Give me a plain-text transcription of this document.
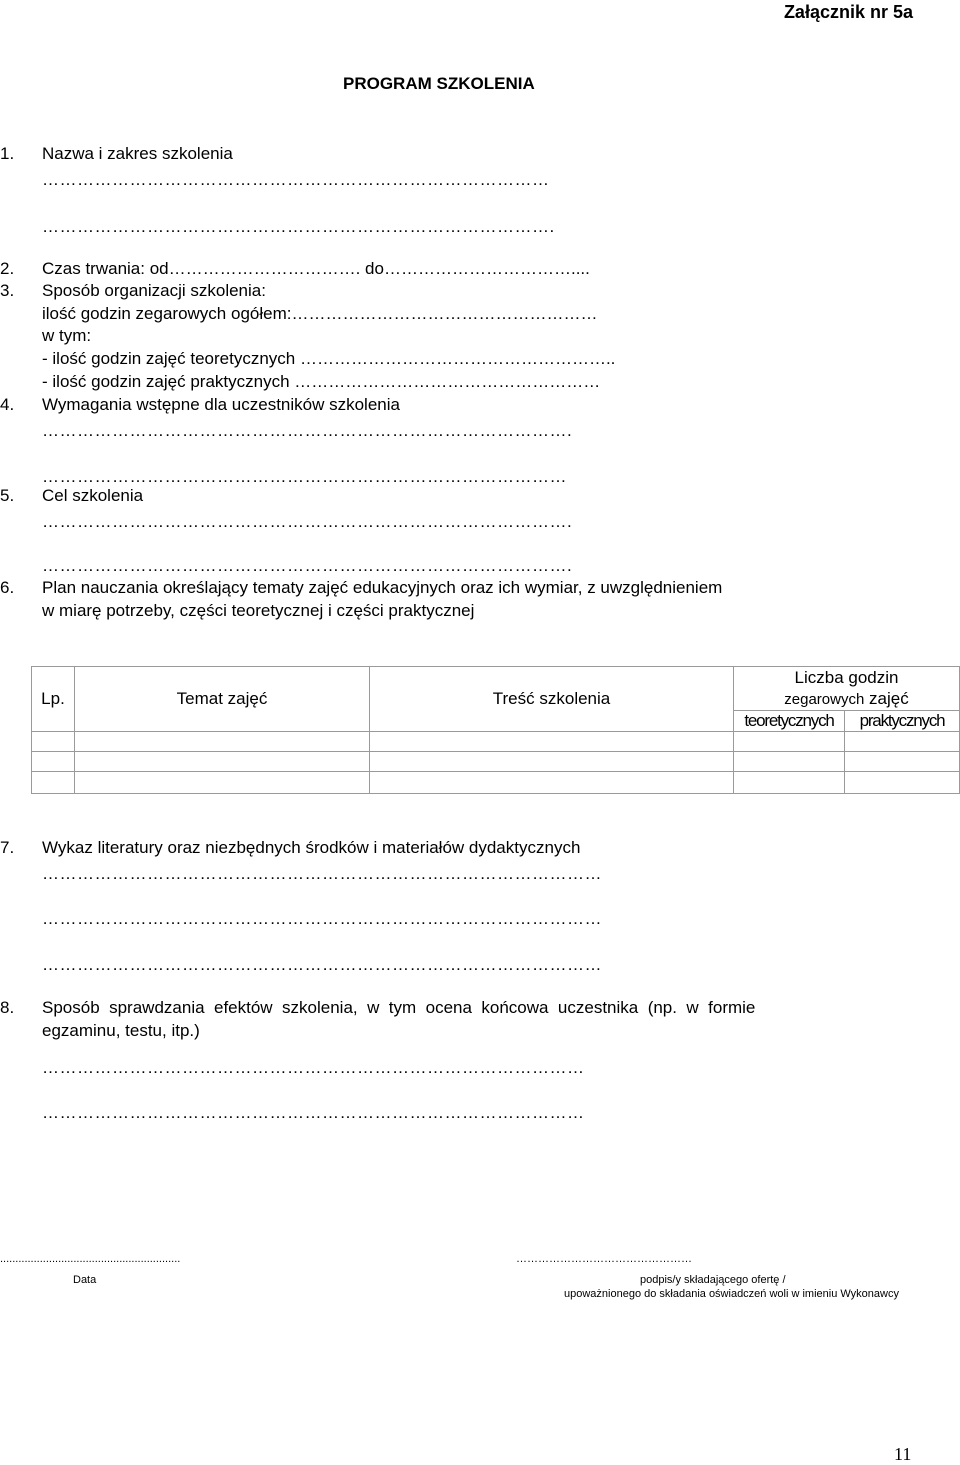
Załącznik nr 5a
PROGRAM SZKOLENIA
1. Nazwa i zakres szkolenia
……………………………………………………………………………
…………………………………………………………………………….
2. Czas trwania: od……………………………. do……………………………....
3. Sposób organizacji szkolenia:
ilość godzin zegarowych ogółem:………………………………………………
w tym:
- ilość godzin zajęć teoretycznych ………………………………………………..
- ilość godzin zajęć praktycznych ………………………………………………
4. Wymagania wstępne dla uczestników szkolenia
……………………………………………………………………………….
………………………………………………………………………………
5. Cel szkolenia
……………………………………………………………………………….
……………………………………………………………………………….
6. Plan nauczania określający tematy zajęć edukacyjnych oraz ich wymiar, z uwzględnieniem
w miarę potrzeby, części teoretycznej i części praktycznej
Lp.	Temat zajęć	Treść szkolenia	Liczba godzin
zegarowych zajęć	
			teoretycznych	praktycznych

7. Wykaz literatury oraz niezbędnych środków i materiałów dydaktycznych
……………………………………………………………………………………
……………………………………………………………………………………
……………………………………………………………………………………
8. Sposób  sprawdzania  efektów  szkolenia,  w  tym  ocena  końcowa  uczestnika  (np.  w  formie
egzaminu, testu, itp.)
…………………………………………………………………………………
…………………………………………………………………………………
...........................................................	…………………………………………
Data	podpis/y składającego ofertę /
upoważnionego do składania oświadczeń woli w imieniu Wykonawcy
11
